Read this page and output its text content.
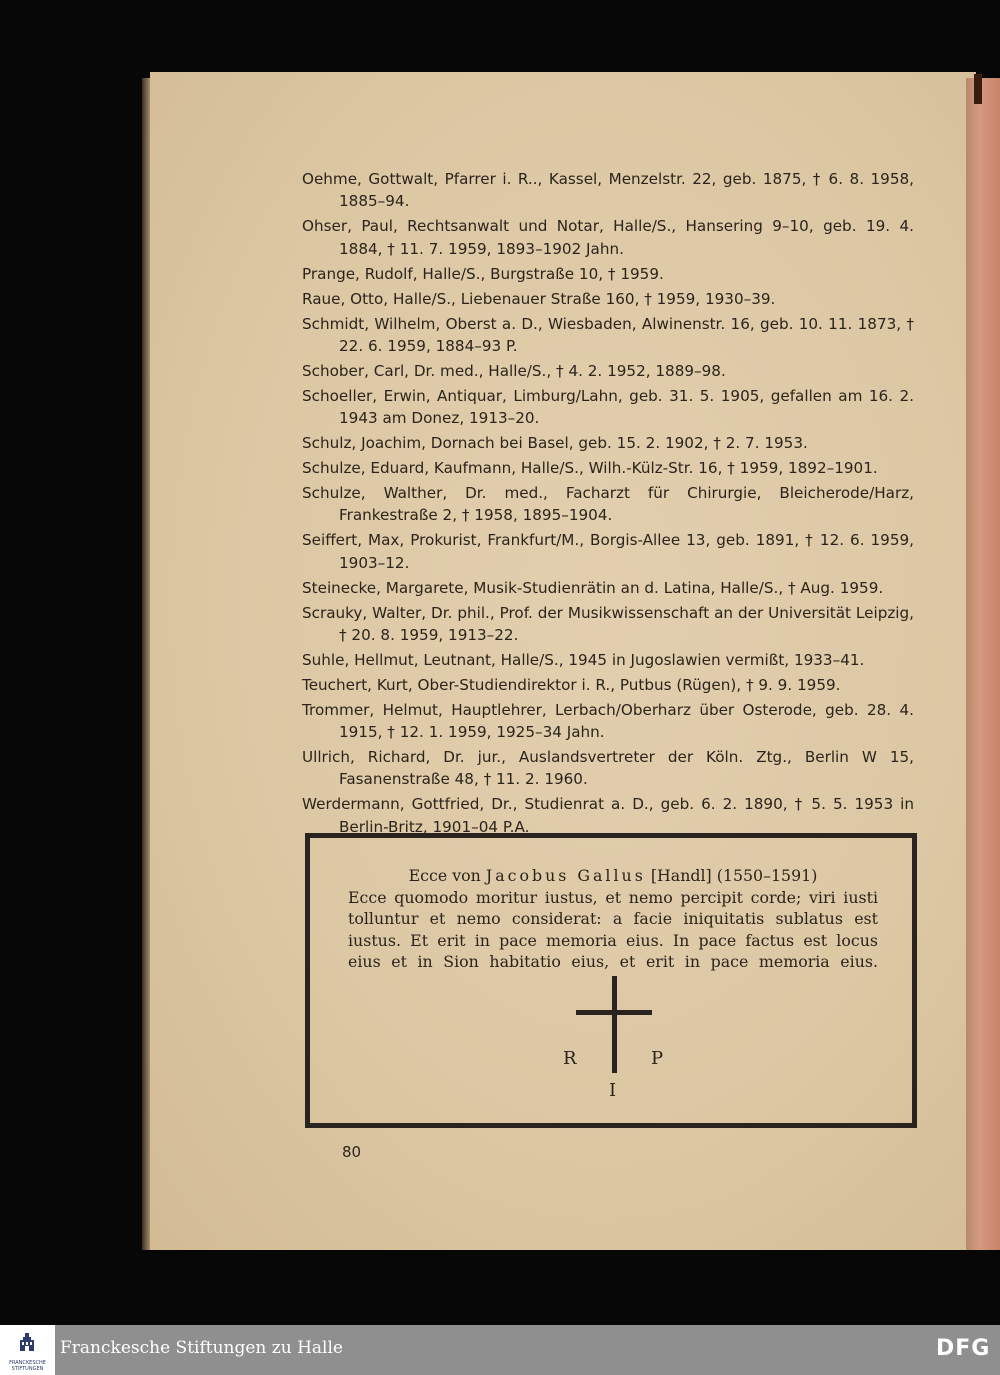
Oehme, Gottwalt, Pfarrer i. R.., Kassel, Menzelstr. 22, geb. 1875, † 6. 8. 1958, 1885–94.

Ohser, Paul, Rechtsanwalt und Notar, Halle/S., Hansering 9–10, geb. 19. 4. 1884, † 11. 7. 1959, 1893–1902 Jahn.

Prange, Rudolf, Halle/S., Burgstraße 10, † 1959.

Raue, Otto, Halle/S., Liebenauer Straße 160, † 1959, 1930–39.

Schmidt, Wilhelm, Oberst a. D., Wiesbaden, Alwinenstr. 16, geb. 10. 11. 1873, † 22. 6. 1959, 1884–93 P.

Schober, Carl, Dr. med., Halle/S., † 4. 2. 1952, 1889–98.

Schoeller, Erwin, Antiquar, Limburg/Lahn, geb. 31. 5. 1905, gefallen am 16. 2. 1943 am Donez, 1913–20.

Schulz, Joachim, Dornach bei Basel, geb. 15. 2. 1902, † 2. 7. 1953.

Schulze, Eduard, Kaufmann, Halle/S., Wilh.-Külz-Str. 16, † 1959, 1892–1901.

Schulze, Walther, Dr. med., Facharzt für Chirurgie, Bleicherode/Harz, Frankestraße 2, † 1958, 1895–1904.

Seiffert, Max, Prokurist, Frankfurt/M., Borgis-Allee 13, geb. 1891, † 12. 6. 1959, 1903–12.

Steinecke, Margarete, Musik-Studienrätin an d. Latina, Halle/S., † Aug. 1959.

Scrauky, Walter, Dr. phil., Prof. der Musikwissenschaft an der Universität Leipzig, † 20. 8. 1959, 1913–22.

Suhle, Hellmut, Leutnant, Halle/S., 1945 in Jugoslawien vermißt, 1933–41.

Teuchert, Kurt, Ober-Studiendirektor i. R., Putbus (Rügen), † 9. 9. 1959.

Trommer, Helmut, Hauptlehrer, Lerbach/Oberharz über Osterode, geb. 28. 4. 1915, † 12. 1. 1959, 1925–34 Jahn.

Ullrich, Richard, Dr. jur., Auslandsvertreter der Köln. Ztg., Berlin W 15, Fasanenstraße 48, † 11. 2. 1960.

Werdermann, Gottfried, Dr., Studienrat a. D., geb. 6. 2. 1890, † 5. 5. 1953 in Berlin-Britz, 1901–04 P.A.

Ecce von Jacobus Gallus [Handl] (1550–1591)
Ecce quomodo moritur iustus, et nemo percipit corde; viri iusti
tolluntur et nemo considerat: a facie iniquitatis sublatus est
iustus. Et erit in pace memoria eius. In pace factus est locus
eius et in Sion habitatio eius, et erit in pace memoria eius.
R	P
I
80
FRANCKESCHE STIFTUNGEN
Franckesche Stiftungen zu Halle	DFG
